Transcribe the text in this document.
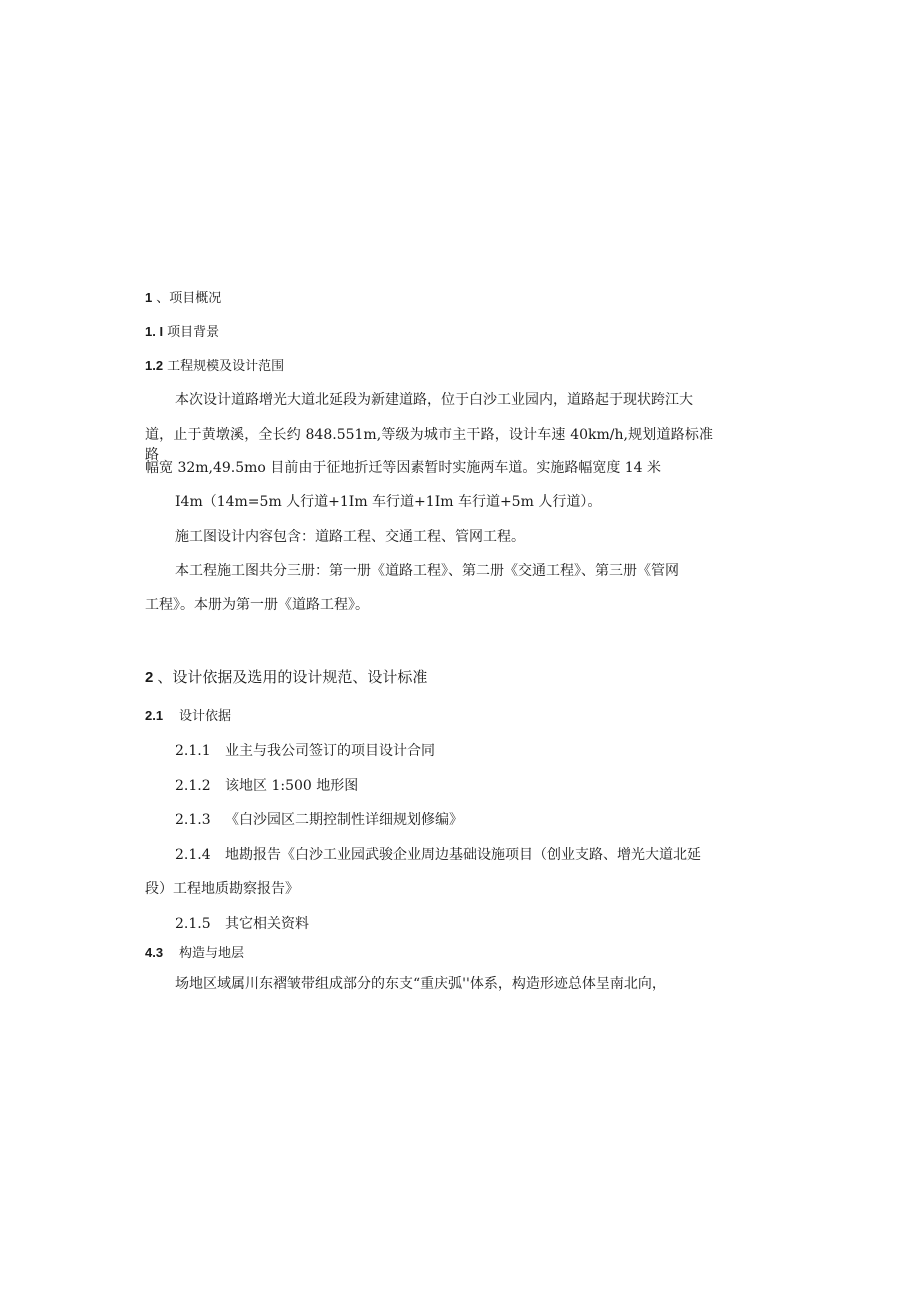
1 、项目概况
1. I 项目背景
1.2 工程规模及设计范围
本次设计道路增光大道北延段为新建道路，位于白沙工业园内，道路起于现状跨江大
道，止于黄墩溪，全长约 848.551m,等级为城市主干路，设计车速 40km/h,规划道路标准路
幅宽 32m,49.5mo 目前由于征地折迁等因素暂时实施两车道。实施路幅宽度 14 米
I4m（14m=5m 人行道+1Im 车行道+1Im 车行道+5m 人行道）。
施工图设计内容包含：道路工程、交通工程、管网工程。
本工程施工图共分三册：第一册《道路工程》、第二册《交通工程》、第三册《管网
工程》。本册为第一册《道路工程》。
2 、设计依据及选用的设计规范、设计标准
2.1 设计依据
2.1.1 业主与我公司签订的项目设计合同
2.1.2 该地区 1:500 地形图
2.1.3 《白沙园区二期控制性详细规划修编》
2.1.4 地勘报告《白沙工业园武骏企业周边基础设施项目（创业支路、增光大道北延
段）工程地质勘察报告》
2.1.5 其它相关资料
4.3 构造与地层
场地区域属川东褶皱带组成部分的东支“重庆弧''体系，构造形迹总体呈南北向，
